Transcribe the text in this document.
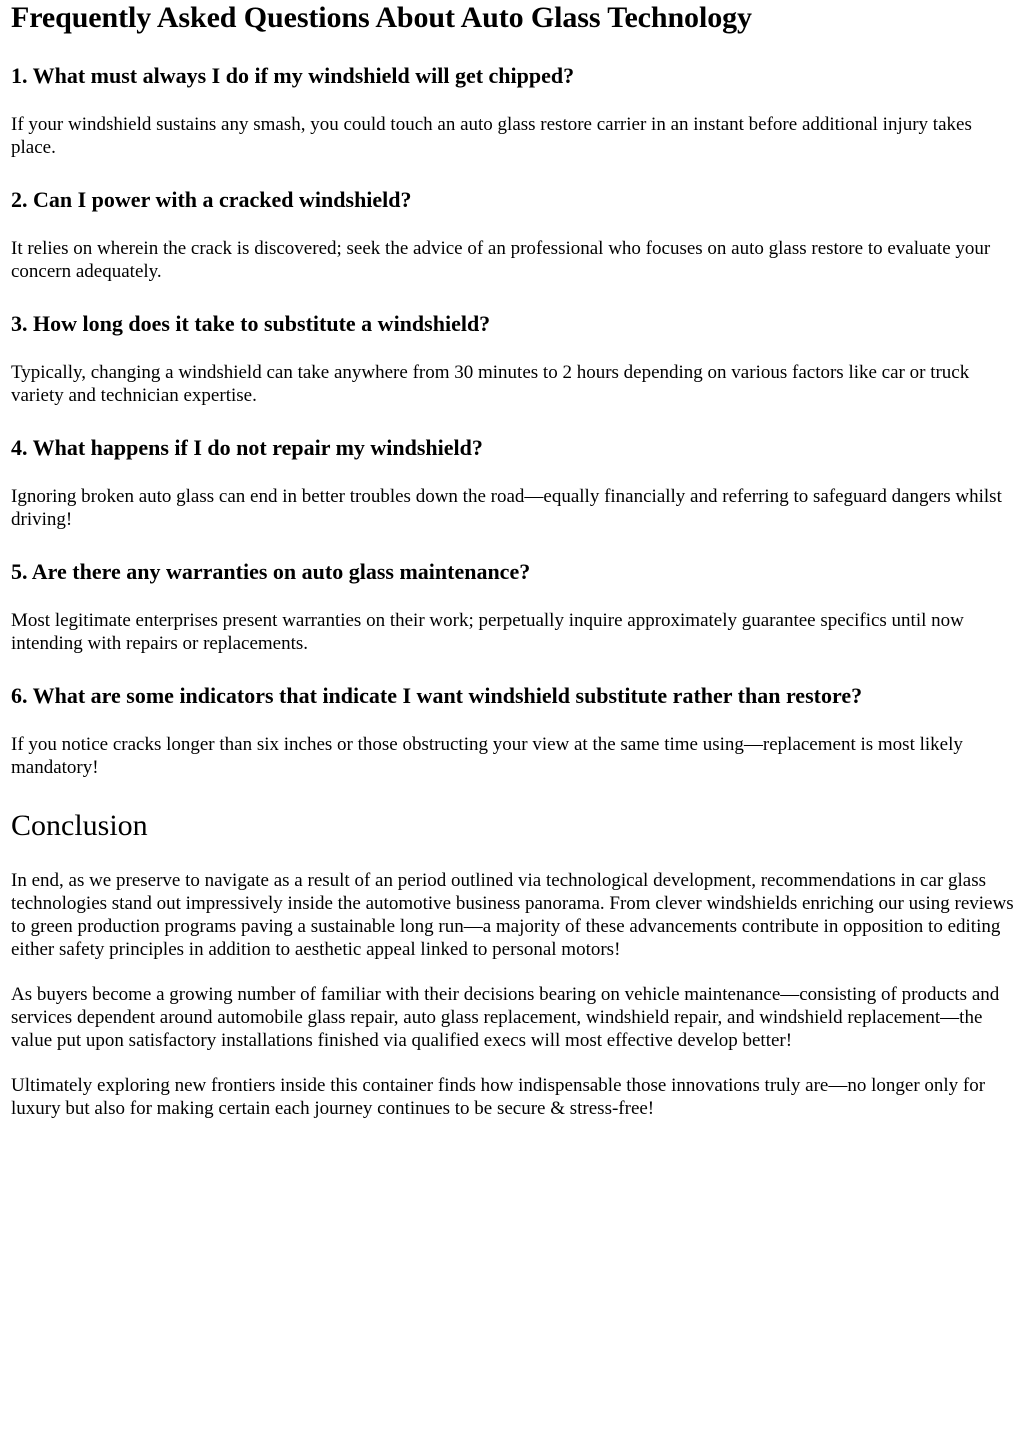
Frequently Asked Questions About Auto Glass Technology
1. What must always I do if my windshield will get chipped?

If your windshield sustains any smash, you could touch an auto glass restore carrier in an instant before additional injury takes place.

2. Can I power with a cracked windshield?

It relies on wherein the crack is discovered; seek the advice of an professional who focuses on auto glass restore to evaluate your concern adequately.

3. How long does it take to substitute a windshield?

Typically, changing a windshield can take anywhere from 30 minutes to 2 hours depending on various factors like car or truck variety and technician expertise.

4. What happens if I do not repair my windshield?

Ignoring broken auto glass can end in better troubles down the road—equally financially and referring to safeguard dangers whilst driving!

5. Are there any warranties on auto glass maintenance?

Most legitimate enterprises present warranties on their work; perpetually inquire approximately guarantee specifics until now intending with repairs or replacements.

6. What are some indicators that indicate I want windshield substitute rather than restore?

If you notice cracks longer than six inches or those obstructing your view at the same time using—replacement is most likely mandatory!

Conclusion

In end, as we preserve to navigate as a result of an period outlined via technological development, recommendations in car glass technologies stand out impressively inside the automotive business panorama. From clever windshields enriching our using reviews to green production programs paving a sustainable long run—a majority of these advancements contribute in opposition to editing either safety principles in addition to aesthetic appeal linked to personal motors!

As buyers become a growing number of familiar with their decisions bearing on vehicle maintenance—consisting of products and services dependent around automobile glass repair, auto glass replacement, windshield repair, and windshield replacement—the value put upon satisfactory installations finished via qualified execs will most effective develop better!

Ultimately exploring new frontiers inside this container finds how indispensable those innovations truly are—no longer only for luxury but also for making certain each journey continues to be secure & stress-free!
